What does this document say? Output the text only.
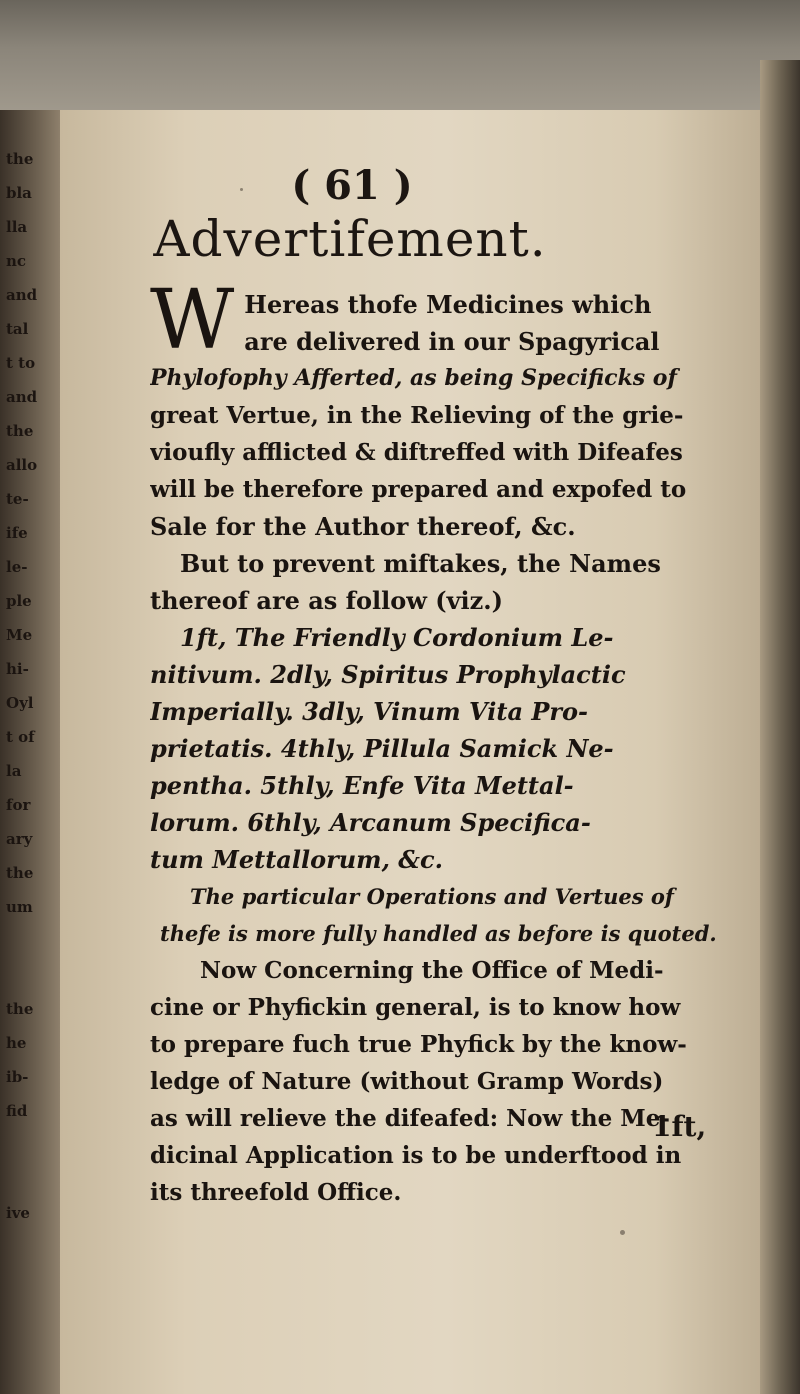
the
bla
lla
nc
and
tal
t to
and
the
allo
te-
ife
le-
ple
Me
hi-
Oyl
t of
la
for
ary
the
um
the
he
ib-
fid
ive
( 61 )
Advertifement.
W Hereas thofe Medicines which
are delivered in our Spagyrical
Phylofophy Afferted, as being Specificks of
great Vertue, in the Relieving of the grie-
vioufly afflicted & diftreffed with Difeafes
will be therefore prepared and expofed to
Sale for the Author thereof, &c.
But to prevent miftakes, the Names
thereof are as follow (viz.)
1ft, The Friendly Cordonium Le-
nitivum. 2dly, Spiritus Prophylactic
Imperially. 3dly, Vinum Vita Pro-
prietatis. 4thly, Pillula Samick Ne-
pentha. 5thly, Enfe Vita Mettal-
lorum. 6thly, Arcanum Specifica-
tum Mettallorum, &c.
The particular Operations and Vertues of
thefe is more fully handled as before is quoted.
Now Concerning the Office of Medi-
cine or Phyfickin general, is to know how
to prepare fuch true Phyfick by the know-
ledge of Nature (without Gramp Words)
as will relieve the difeafed: Now the Me-
dicinal Application is to be underftood in
its threefold Office.
1ft,
